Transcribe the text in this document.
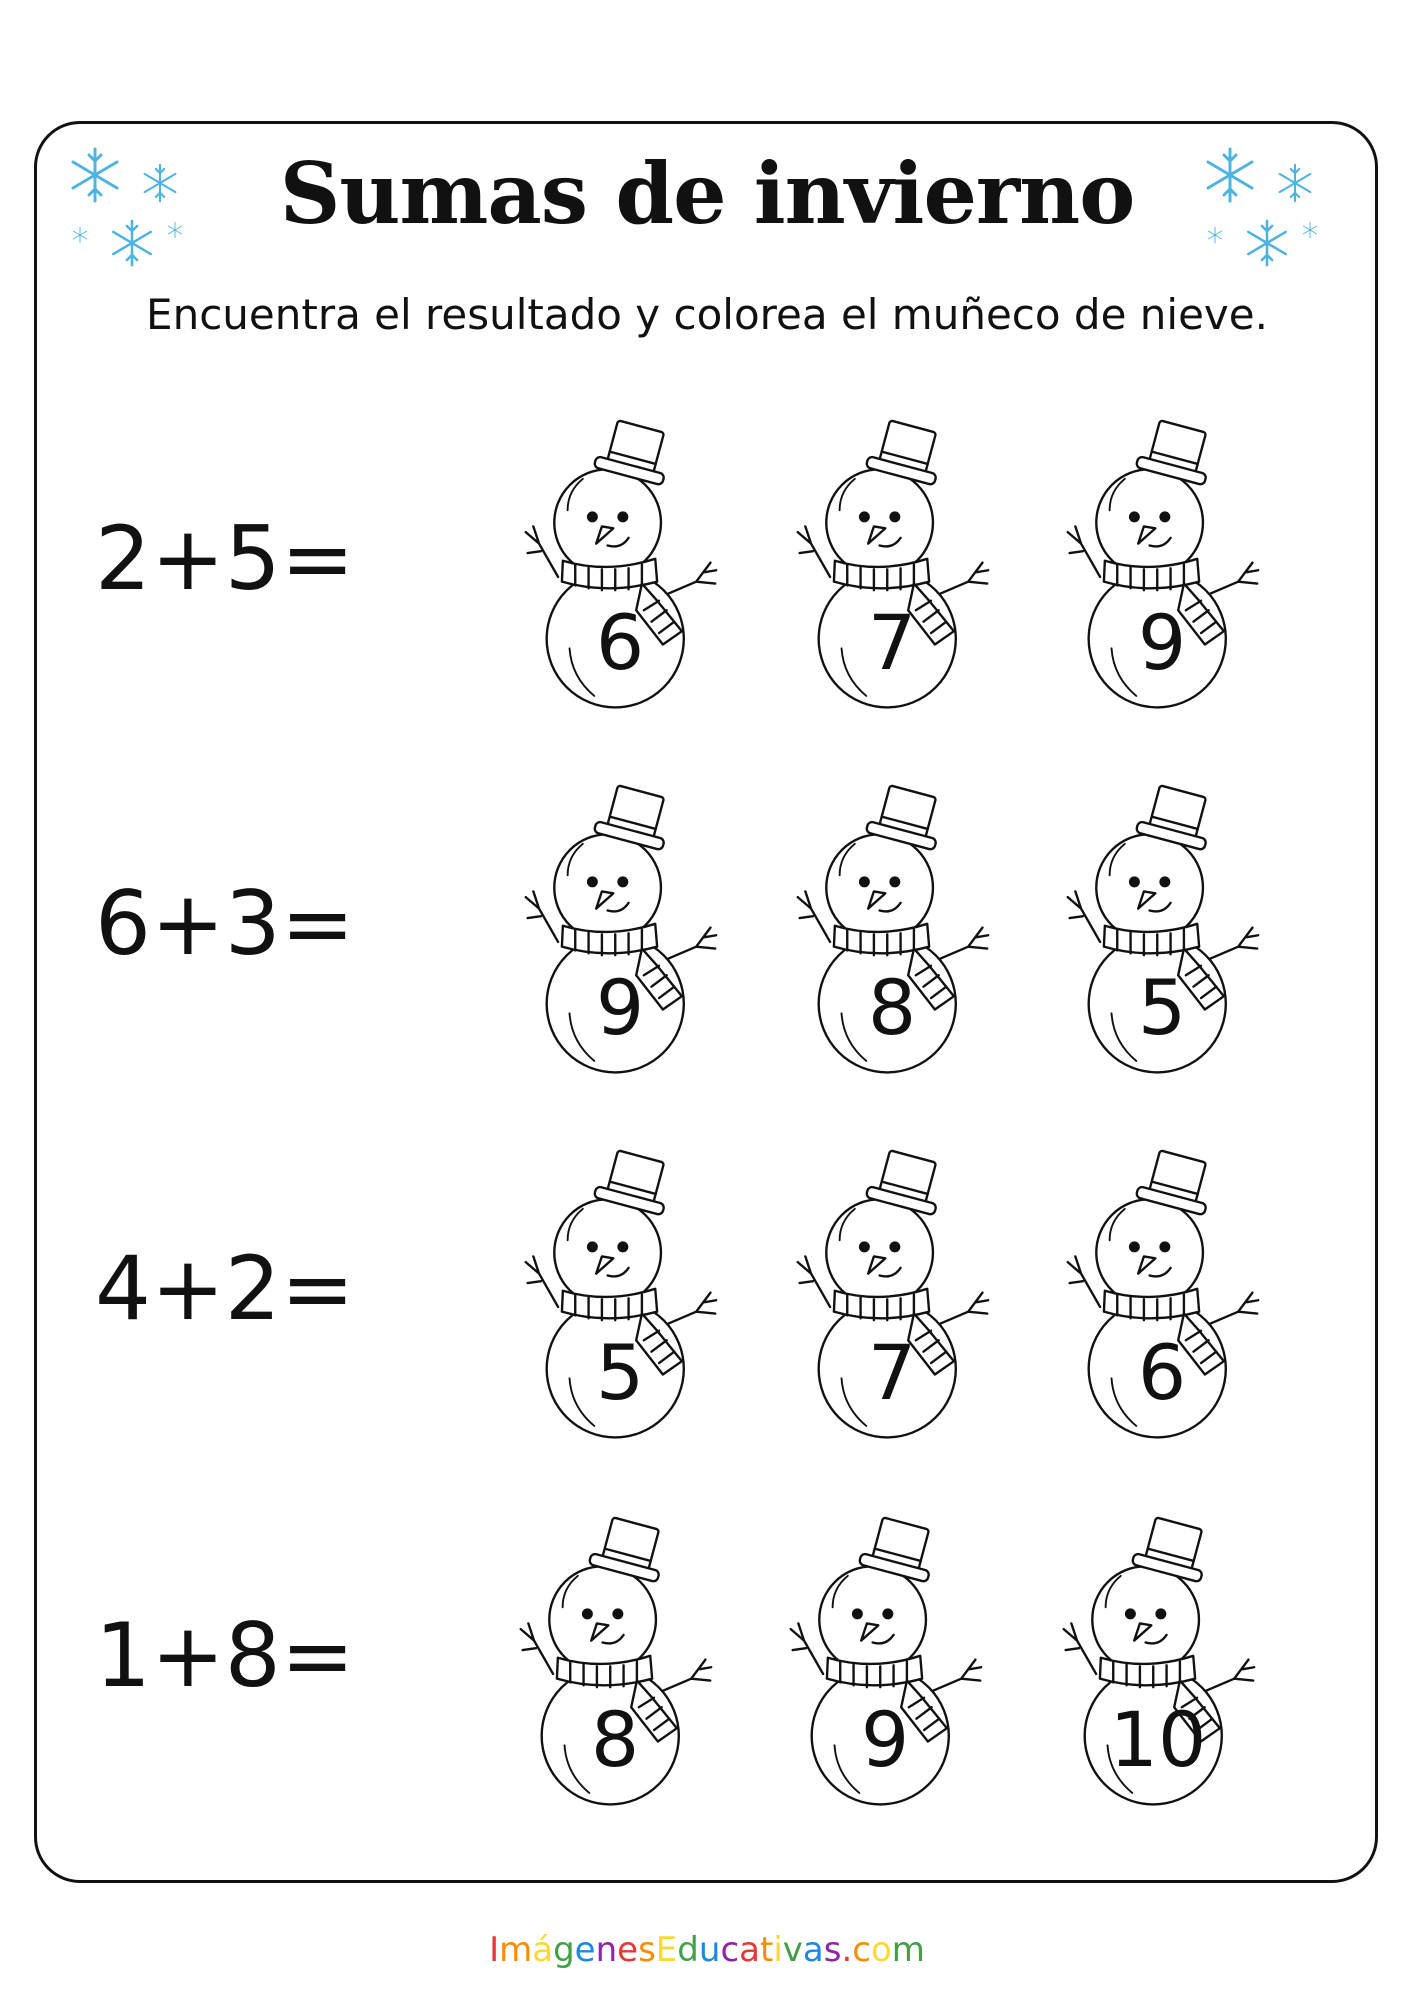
Sumas de invierno

Encuentra el resultado y colorea el muñeco de nieve.

2+5=
6	7	9
6+3=
9	8	5
4+2=
5	7	6
1+8=
8	9	10
ImágenesEducativas.com
